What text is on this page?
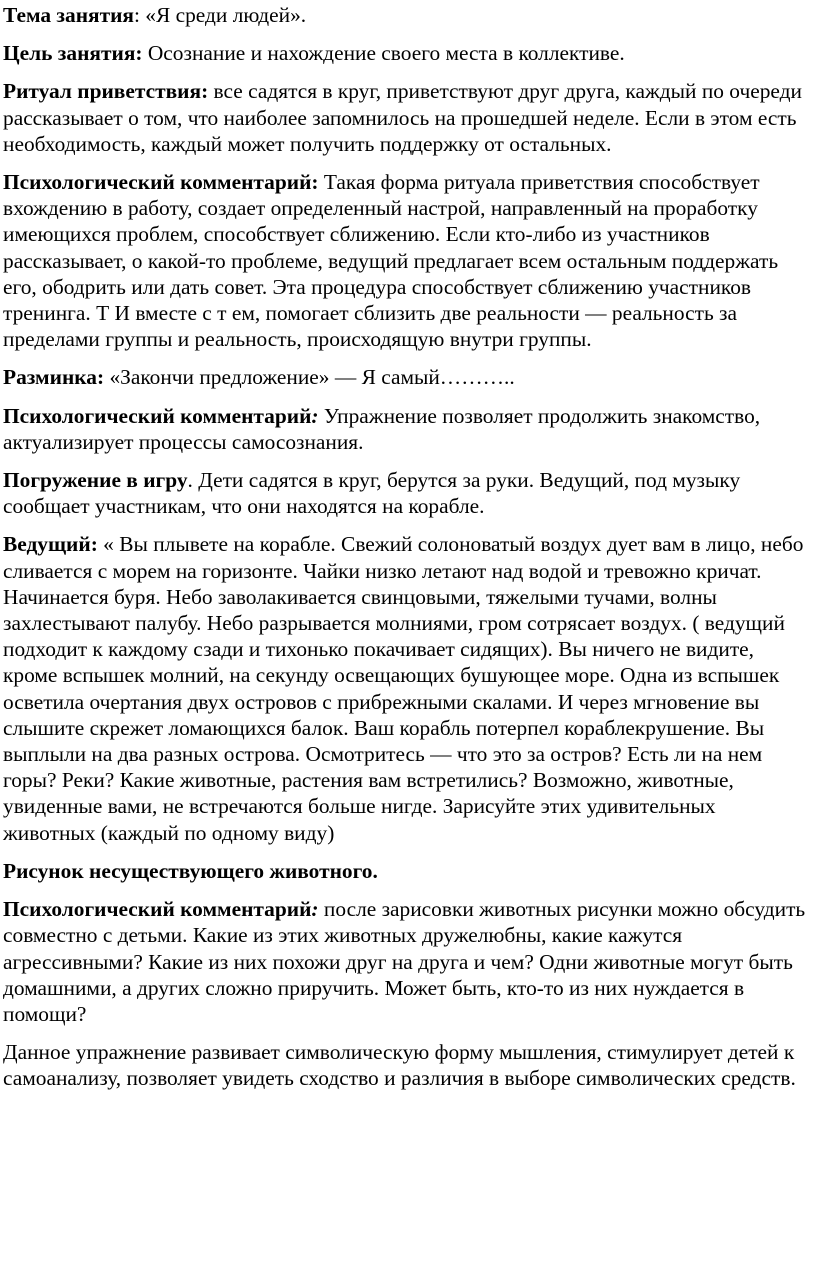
Тема занятия: «Я среди людей».

Цель занятия: Осознание и нахождение своего места в коллективе.

Ритуал приветствия: все садятся в круг, приветствуют друг друга, каждый по очереди рассказывает о том, что наиболее запомнилось на прошедшей неделе. Если в этом есть необходимость, каждый может получить поддержку от остальных.

Психологический комментарий: Такая форма ритуала приветствия способствует вхождению в работу, создает определенный настрой, направленный на проработку имеющихся проблем, способствует сближению. Если кто-либо из участников рассказывает, о какой-то проблеме, ведущий предлагает всем остальным поддержать его, ободрить или дать совет. Эта процедура способствует сближению участников тренинга. Т И вместе с т ем, помогает сблизить две реальности — реальность за пределами группы и реальность, происходящую внутри группы.

Разминка: «Закончи предложение» — Я самый………..

Психологический комментарий: Упражнение позволяет продолжить знакомство, актуализирует процессы самосознания.

Погружение в игру. Дети садятся в круг, берутся за руки. Ведущий, под музыку сообщает участникам, что они находятся на корабле.

Ведущий: « Вы плывете на корабле. Свежий солоноватый воздух дует вам в лицо, небо сливается с морем на горизонте. Чайки низко летают над водой и тревожно кричат. Начинается буря. Небо заволакивается свинцовыми, тяжелыми тучами, волны захлестывают палубу. Небо разрывается молниями, гром сотрясает воздух. ( ведущий подходит к каждому сзади и тихонько покачивает сидящих). Вы ничего не видите, кроме вспышек молний, на секунду освещающих бушующее море. Одна из вспышек осветила очертания двух островов с прибрежными скалами. И через мгновение вы слышите скрежет ломающихся балок. Ваш корабль потерпел кораблекрушение. Вы выплыли на два разных острова. Осмотритесь — что это за остров? Есть ли на нем горы? Реки? Какие животные, растения вам встретились? Возможно, животные, увиденные вами, не встречаются больше нигде. Зарисуйте этих удивительных животных (каждый по одному виду)

Рисунок несуществующего животного.

Психологический комментарий: после зарисовки животных рисунки можно обсудить совместно с детьми. Какие из этих животных дружелюбны, какие кажутся агрессивными? Какие из них похожи друг на друга и чем? Одни животные могут быть домашними, а других сложно приручить. Может быть, кто-то из них нуждается в помощи?

Данное упражнение развивает символическую форму мышления, стимулирует детей к самоанализу, позволяет увидеть сходство и различия в выборе символических средств.
